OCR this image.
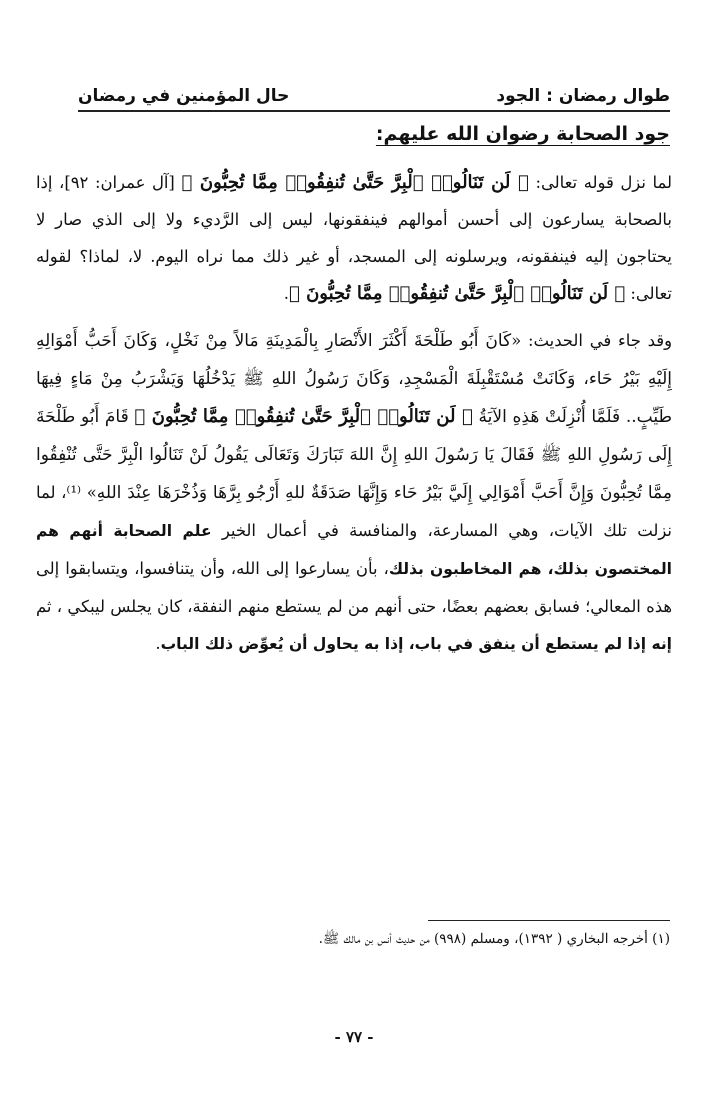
حال المؤمنين في رمضان	طوال رمضان : الجود
جود الصحابة رضوان الله عليهم:

لما نزل قوله تعالى: ﴿ لَن تَنَالُوا۟ ٱلْبِرَّ حَتَّىٰ تُنفِقُوا۟ مِمَّا تُحِبُّونَ ﴾ [آل عمران: ٩٢]، إذا بالصحابة يسارعون إلى أحسن أموالهم فينفقونها، ليس إلى الرَّديء ولا إلى الذي صار لا يحتاجون إليه فينفقونه، ويرسلونه إلى المسجد، أو غير ذلك مما نراه اليوم. لا، لماذا؟ لقوله تعالى: ﴿ لَن تَنَالُوا۟ ٱلْبِرَّ حَتَّىٰ تُنفِقُوا۟ مِمَّا تُحِبُّونَ ﴾.

وقد جاء في الحديث: «كَانَ أَبُو طَلْحَةَ أَكْثَرَ الأَنْصَارِ بِالْمَدِينَةِ مَالاً مِنْ نَخْلٍ، وَكَانَ أَحَبُّ أَمْوَالِهِ إِلَيْهِ بَيْرُ حَاء، وَكَانَتْ مُسْتَقْبِلَةَ الْمَسْجِدِ، وَكَانَ رَسُولُ اللهِ ﷺ يَدْخُلُهَا وَيَشْرَبُ مِنْ مَاءٍ فِيهَا طَيِّبٍ.. فَلَمَّا أُنْزِلَتْ هَذِهِ الآيَةُ ﴿ لَن تَنَالُوا۟ ٱلْبِرَّ حَتَّىٰ تُنفِقُوا۟ مِمَّا تُحِبُّونَ ﴾ قَامَ أَبُو طَلْحَةَ إِلَى رَسُولِ اللهِ ﷺ فَقَالَ يَا رَسُولَ اللهِ إِنَّ اللهَ تَبَارَكَ وَتَعَالَى يَقُولُ لَنْ تَنَالُوا الْبِرَّ حَتَّى تُنْفِقُوا مِمَّا تُحِبُّونَ وَإِنَّ أَحَبَّ أَمْوَالِي إِلَيَّ بَيْرُ حَاء وَإِنَّهَا صَدَقَةٌ للهِ أَرْجُو بِرَّهَا وَذُخْرَهَا عِنْدَ اللهِ» ⁽¹⁾، لما نزلت تلك الآيات، وهي المسارعة، والمنافسة في أعمال الخير علم الصحابة أنهم هم المختصون بذلك، هم المخاطبون بذلك، بأن يسارعوا إلى الله، وأن يتنافسوا، ويتسابقوا إلى هذه المعالي؛ فسابق بعضهم بعضًا، حتى أنهم من لم يستطع منهم النفقة، كان يجلس ليبكي ، ثم إنه إذا لم يستطع أن ينفق في باب، إذا به يحاول أن يُعوِّض ذلك الباب.

(١) أخرجه البخاري ( ١٣٩٢)، ومسلم (٩٩٨) من حديث أنس بن مالك ﷺ.
- ٧٧ -
